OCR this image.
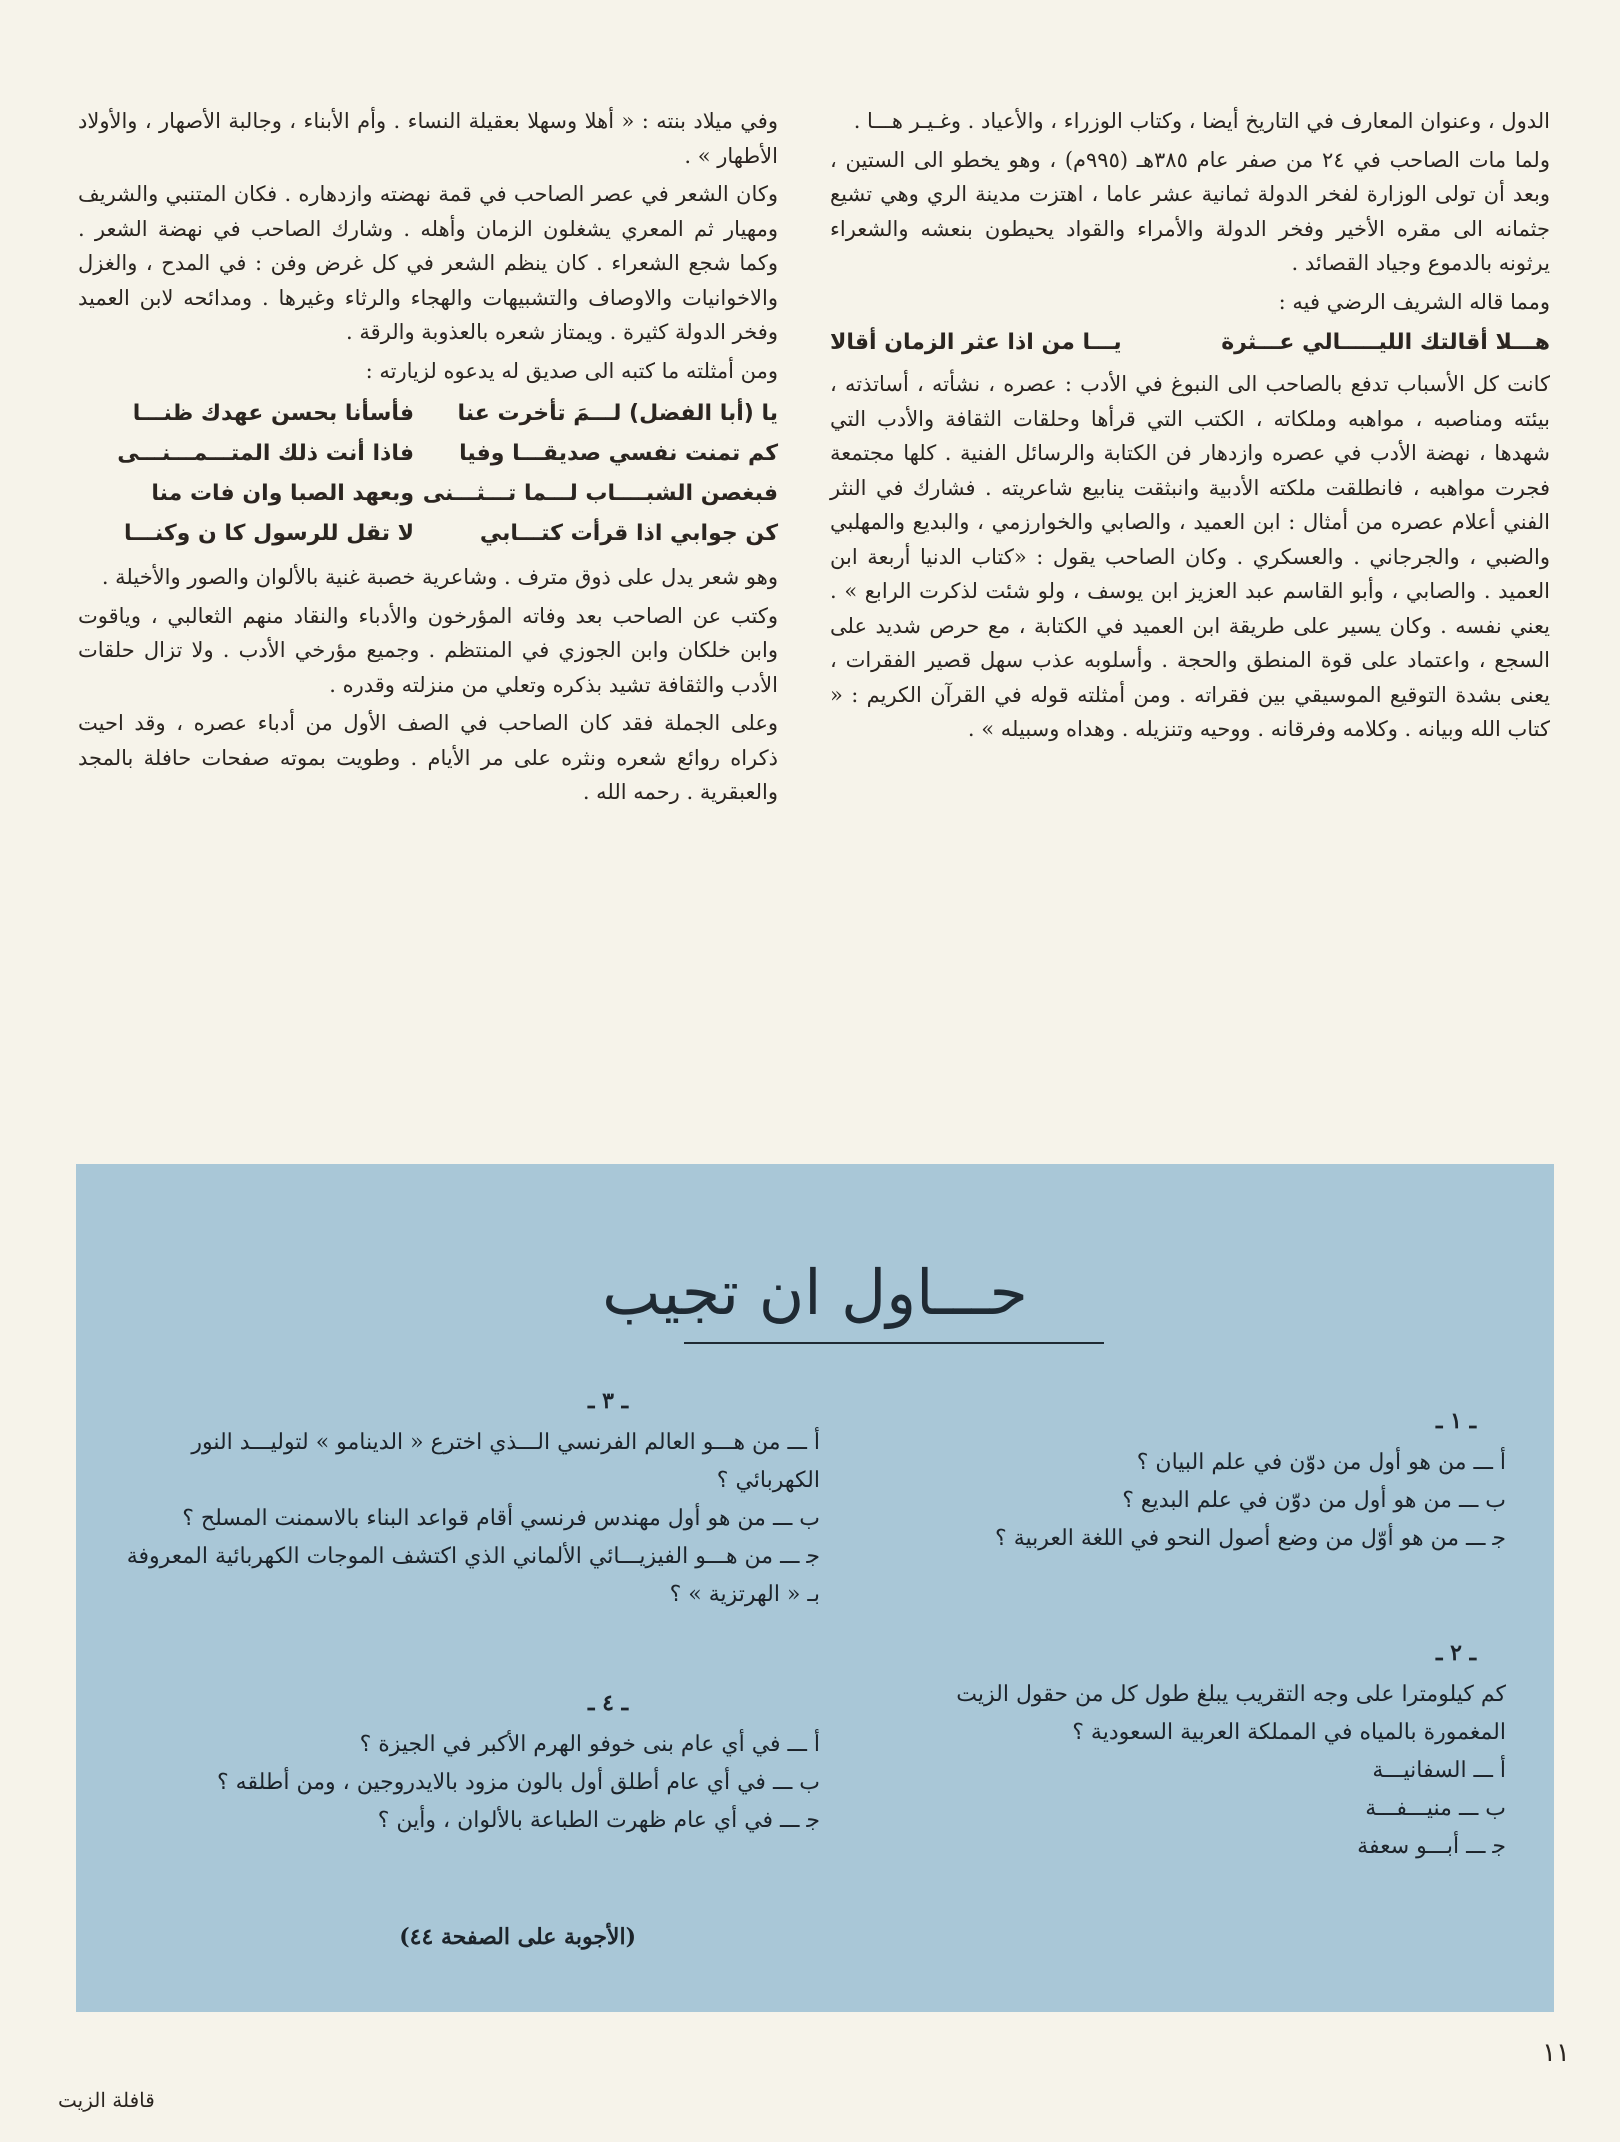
الدول ، وعنوان المعارف في التاريخ أيضا ، وكتاب الوزراء ، والأعياد . وغـيـر هـــا .

ولما مات الصاحب في ٢٤ من صفر عام ٣٨٥هـ (٩٩٥م) ، وهو يخطو الى الستين ، وبعد أن تولى الوزارة لفخر الدولة ثمانية عشر عاما ، اهتزت مدينة الري وهي تشيع جثمانه الى مقره الأخير وفخر الدولة والأمراء والقواد يحيطون بنعشه والشعراء يرثونه بالدموع وجياد القصائد .

ومما قاله الشريف الرضي فيه :

هـــلا أقالتك الليـــــالي عـــثرة
يـــا من اذا عثر الزمان أقالا

كانت كل الأسباب تدفع بالصاحب الى النبوغ في الأدب : عصره ، نشأته ، أساتذته ، بيئته ومناصبه ، مواهبه وملكاته ، الكتب التي قرأها وحلقات الثقافة والأدب التي شهدها ، نهضة الأدب في عصره وازدهار فن الكتابة والرسائل الفنية . كلها مجتمعة فجرت مواهبه ، فانطلقت ملكته الأدبية وانبثقت ينابيع شاعريته . فشارك في النثر الفني أعلام عصره من أمثال : ابن العميد ، والصابي والخوارزمي ، والبديع والمهلبي والضبي ، والجرجاني . والعسكري . وكان الصاحب يقول : «كتاب الدنيا أربعة ابن العميد . والصابي ، وأبو القاسم عبد العزيز ابن يوسف ، ولو شئت لذكرت الرابع » . يعني نفسه . وكان يسير على طريقة ابن العميد في الكتابة ، مع حرص شديد على السجع ، واعتماد على قوة المنطق والحجة . وأسلوبه عذب سهل قصير الفقرات ، يعنى بشدة التوقيع الموسيقي بين فقراته . ومن أمثلته قوله في القرآن الكريم : « كتاب الله وبيانه . وكلامه وفرقانه . ووحيه وتنزيله . وهداه وسبيله » .

وفي ميلاد بنته : « أهلا وسهلا بعقيلة النساء . وأم الأبناء ، وجالبة الأصهار ، والأولاد الأطهار » .

وكان الشعر في عصر الصاحب في قمة نهضته وازدهاره . فكان المتنبي والشريف ومهيار ثم المعري يشغلون الزمان وأهله . وشارك الصاحب في نهضة الشعر . وكما شجع الشعراء . كان ينظم الشعر في كل غرض وفن : في المدح ، والغزل والاخوانيات والاوصاف والتشبيهات والهجاء والرثاء وغيرها . ومدائحه لابن العميد وفخر الدولة كثيرة . ويمتاز شعره بالعذوبة والرقة .

ومن أمثلته ما كتبه الى صديق له يدعوه لزيارته :

يا (أبا الفضل) لـــمَ تأخرت عنا
فأسأنا بحسن عهدك ظنـــا
كم تمنت نفسي صديقـــا وفيا
فاذا أنت ذلك المتـــمـــنـــى
فبغصن الشبــــاب لـــما تـــثـــنى
وبعهد الصبا وان فات منا
كن جوابي اذا قرأت كتـــابي
لا تقل للرسول كا ن وكنـــا

وهو شعر يدل على ذوق مترف . وشاعرية خصبة غنية بالألوان والصور والأخيلة .

وكتب عن الصاحب بعد وفاته المؤرخون والأدباء والنقاد منهم الثعالبي ، وياقوت وابن خلكان وابن الجوزي في المنتظم . وجميع مؤرخي الأدب . ولا تزال حلقات الأدب والثقافة تشيد بذكره وتعلي من منزلته وقدره .

وعلى الجملة فقد كان الصاحب في الصف الأول من أدباء عصره ، وقد احيت ذكراه روائع شعره ونثره على مر الأيام . وطويت بموته صفحات حافلة بالمجد والعبقرية . رحمه الله .

حـــاول ان تجيب
ـ ١ ـ

أ ـــ من هو أول من دوّن في علم البيان ؟

ب ـــ من هو أول من دوّن في علم البديع ؟

ﺟ ـــ من هو أوّل من وضع أصول النحو في اللغة العربية ؟

ـ ٢ ـ

كم كيلومترا على وجه التقريب يبلغ طول كل من حقول الزيت المغمورة بالمياه في المملكة العربية السعودية ؟

أ ـــ السفانيـــة

ب ـــ منيـــفـــة

ﺟ ـــ أبـــو سعفة

ـ ٣ ـ

أ ـــ من هـــو العالم الفرنسي الـــذي اخترع « الدينامو » لتوليـــد النور الكهربائي ؟

ب ـــ من هو أول مهندس فرنسي أقام قواعد البناء بالاسمنت المسلح ؟

ﺟ ـــ من هـــو الفيزيـــائي الألماني الذي اكتشف الموجات الكهربائية المعروفة بـ « الهرتزية » ؟

ـ ٤ ـ

أ ـــ في أي عام بنى خوفو الهرم الأكبر في الجيزة ؟

ب ـــ في أي عام أطلق أول بالون مزود بالايدروجين ، ومن أطلقه ؟

ﺟ ـــ في أي عام ظهرت الطباعة بالألوان ، وأين ؟

(الأجوبة على الصفحة ٤٤)
١١
قافلة الزيت
